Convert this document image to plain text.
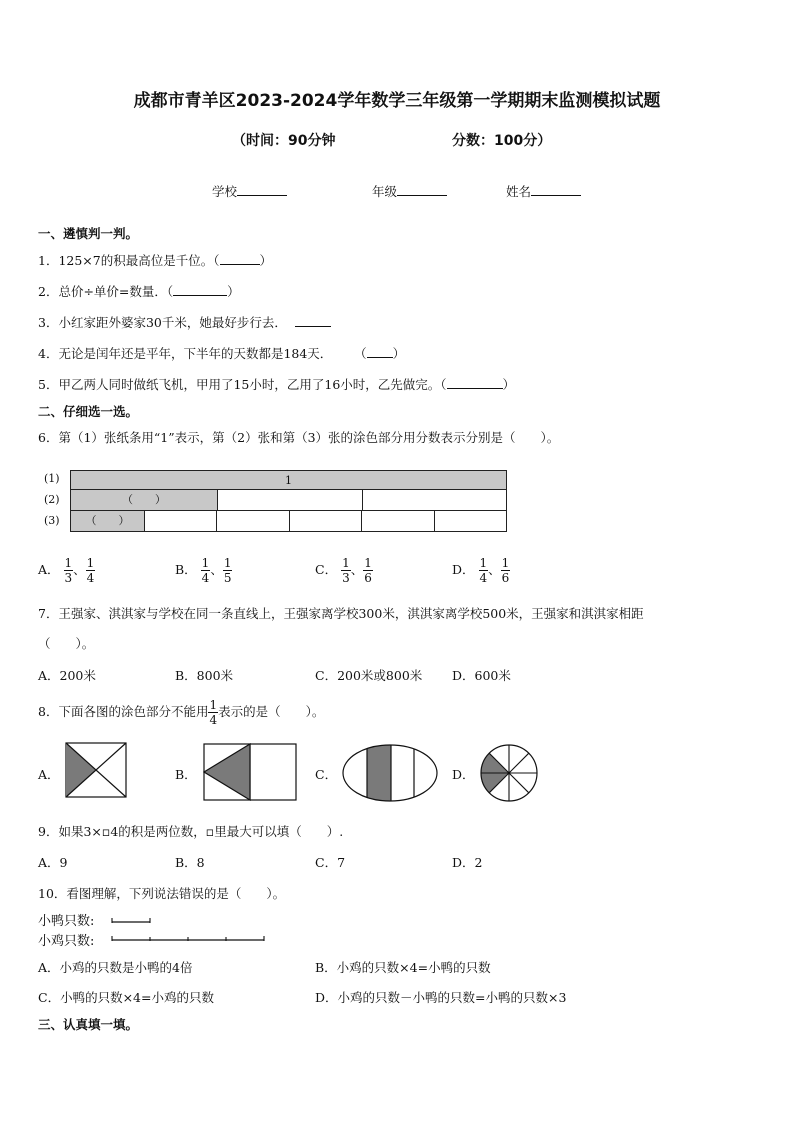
成都市青羊区2023-2024学年数学三年级第一学期期末监测模拟试题
（时间：90分钟	分数：100分）
学校	年级	姓名
一、遴慎判一判。
1．125×7的积最高位是千位。（	）
2．总价÷单价=数量．（	）
3．小红家距外婆家30千米，她最好步行去．
4．无论是闰年还是平年，下半年的天数都是184天． （ ）
5．甲乙两人同时做纸飞机，甲用了15小时，乙用了16小时，乙先做完。（	）
二、仔细选一选。
6．第（1）张纸条用“1”表示，第（2）张和第（3）张的涂色部分用分数表示分别是（　　）。
(1)
(2)
(3)
1
（　　）
（　　）
A． $\frac{1}{3}$ 、 $\frac{1}{4}$	B． $\frac{1}{4}$ 、 $\frac{1}{5}$	C． $\frac{1}{3}$ 、 $\frac{1}{6}$	D． $\frac{1}{4}$ 、 $\frac{1}{6}$
7．王强家、淇淇家与学校在同一条直线上，王强家离学校300米，淇淇家离学校500米，王强家和淇淇家相距
（　　）。
A．200米	B．800米	C．200米或800米 D．600米
8．下面各图的涂色部分不能用 $\frac{1}{4}$ 表示的是（　　）。
A．	B．	C．	D．
9．如果3×▫4的积是两位数，▫里最大可以填（　　）.
A．9	B．8	C．7	D．2
10．看图理解，下列说法错误的是（　　）。
小鸭只数:
小鸡只数:
A．小鸡的只数是小鸭的4倍	B．小鸡的只数×4=小鸭的只数
C．小鸭的只数×4=小鸡的只数	D．小鸡的只数－小鸭的只数=小鸭的只数×3
三、认真填一填。
